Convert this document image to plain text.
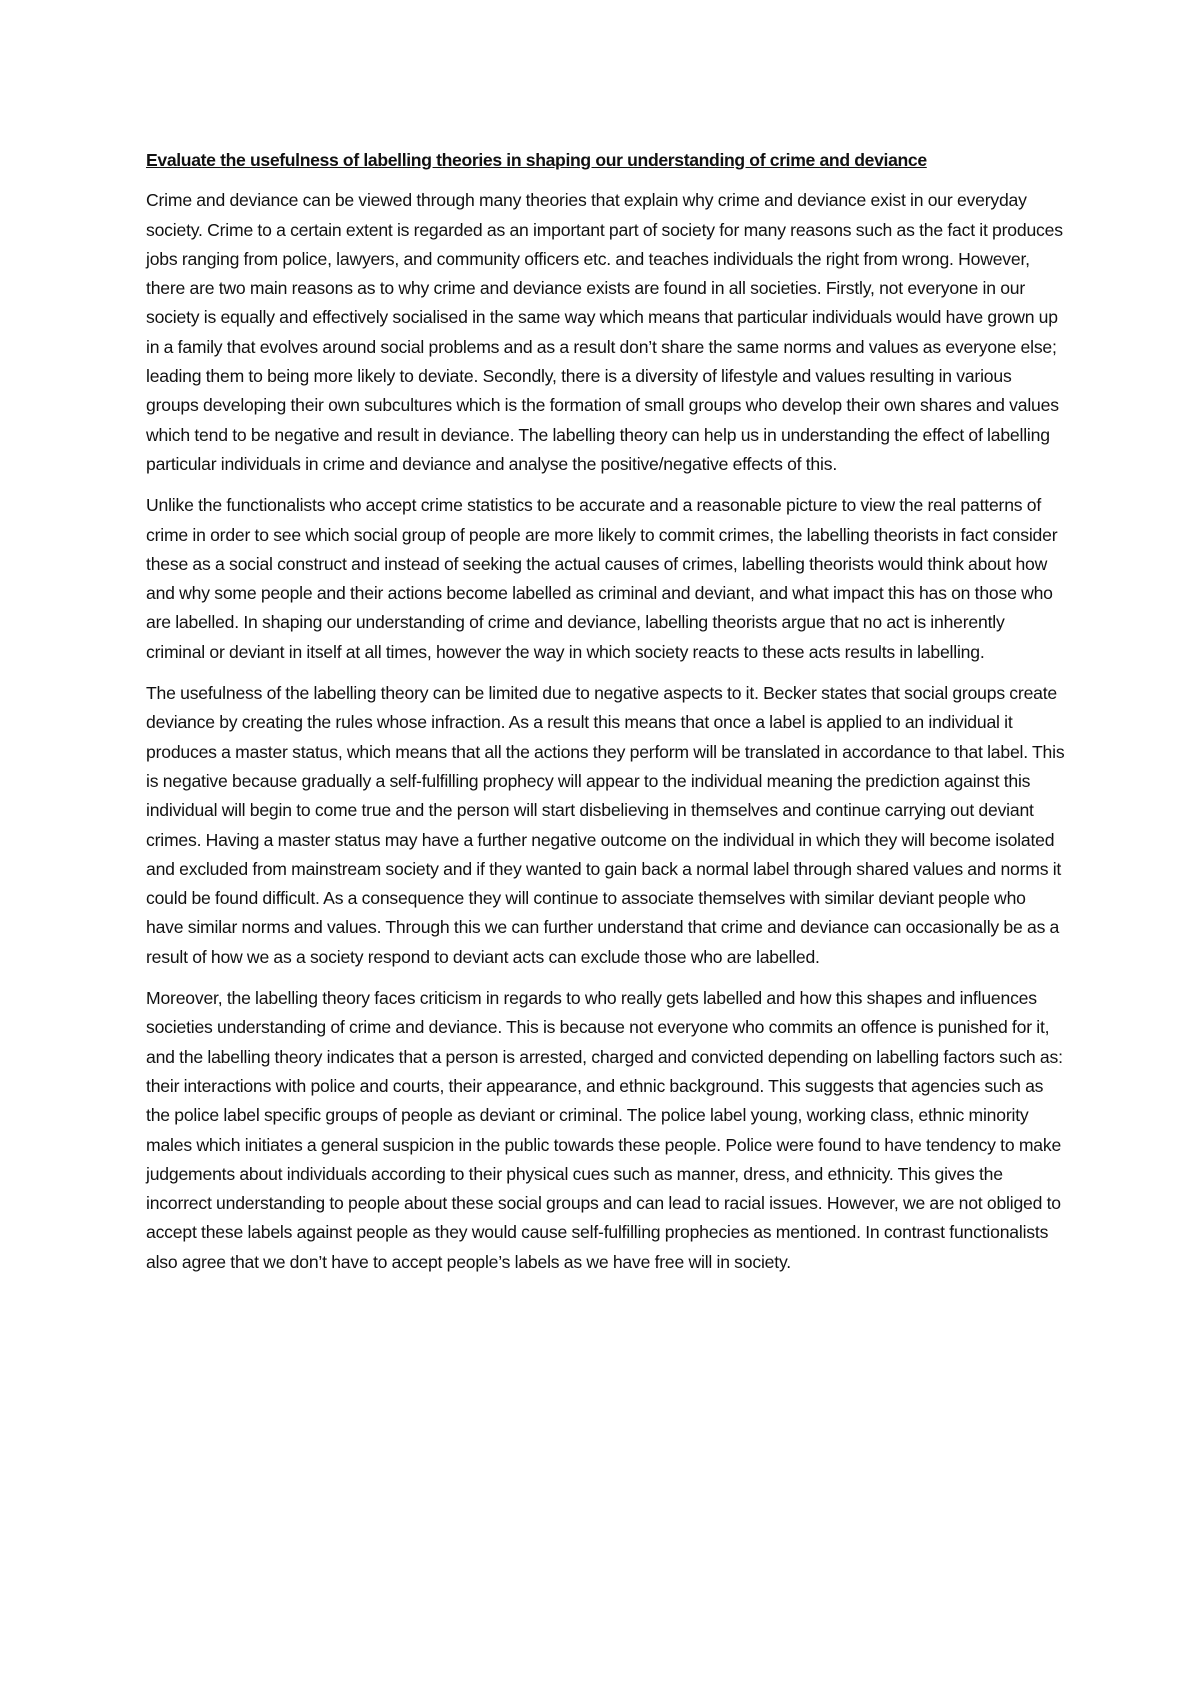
Evaluate the usefulness of labelling theories in shaping our understanding of crime and deviance

Crime and deviance can be viewed through many theories that explain why crime and deviance exist in our everyday society. Crime to a certain extent is regarded as an important part of society for many reasons such as the fact it produces jobs ranging from police, lawyers, and community officers etc. and teaches individuals the right from wrong. However, there are two main reasons as to why crime and deviance exists are found in all societies. Firstly, not everyone in our society is equally and effectively socialised in the same way which means that particular individuals would have grown up in a family that evolves around social problems and as a result don’t share the same norms and values as everyone else; leading them to being more likely to deviate. Secondly, there is a diversity of lifestyle and values resulting in various groups developing their own subcultures which is the formation of small groups who develop their own shares and values which tend to be negative and result in deviance. The labelling theory can help us in understanding the effect of labelling particular individuals in crime and deviance and analyse the positive/negative effects of this.

Unlike the functionalists who accept crime statistics to be accurate and a reasonable picture to view the real patterns of crime in order to see which social group of people are more likely to commit crimes, the labelling theorists in fact consider these as a social construct and instead of seeking the actual causes of crimes, labelling theorists would think about how and why some people and their actions become labelled as criminal and deviant, and what impact this has on those who are labelled. In shaping our understanding of crime and deviance, labelling theorists argue that no act is inherently criminal or deviant in itself at all times, however the way in which society reacts to these acts results in labelling.

The usefulness of the labelling theory can be limited due to negative aspects to it. Becker states that social groups create deviance by creating the rules whose infraction. As a result this means that once a label is applied to an individual it produces a master status, which means that all the actions they perform will be translated in accordance to that label. This is negative because gradually a self-fulfilling prophecy will appear to the individual meaning the prediction against this individual will begin to come true and the person will start disbelieving in themselves and continue carrying out deviant crimes. Having a master status may have a further negative outcome on the individual in which they will become isolated and excluded from mainstream society and if they wanted to gain back a normal label through shared values and norms it could be found difficult. As a consequence they will continue to associate themselves with similar deviant people who have similar norms and values. Through this we can further understand that crime and deviance can occasionally be as a result of how we as a society respond to deviant acts can exclude those who are labelled.

Moreover, the labelling theory faces criticism in regards to who really gets labelled and how this shapes and influences societies understanding of crime and deviance. This is because not everyone who commits an offence is punished for it, and the labelling theory indicates that a person is arrested, charged and convicted depending on labelling factors such as: their interactions with police and courts, their appearance, and ethnic background. This suggests that agencies such as the police label specific groups of people as deviant or criminal. The police label young, working class, ethnic minority males which initiates a general suspicion in the public towards these people. Police were found to have tendency to make judgements about individuals according to their physical cues such as manner, dress, and ethnicity. This gives the incorrect understanding to people about these social groups and can lead to racial issues. However, we are not obliged to accept these labels against people as they would cause self-fulfilling prophecies as mentioned. In contrast functionalists also agree that we don’t have to accept people’s labels as we have free will in society.
